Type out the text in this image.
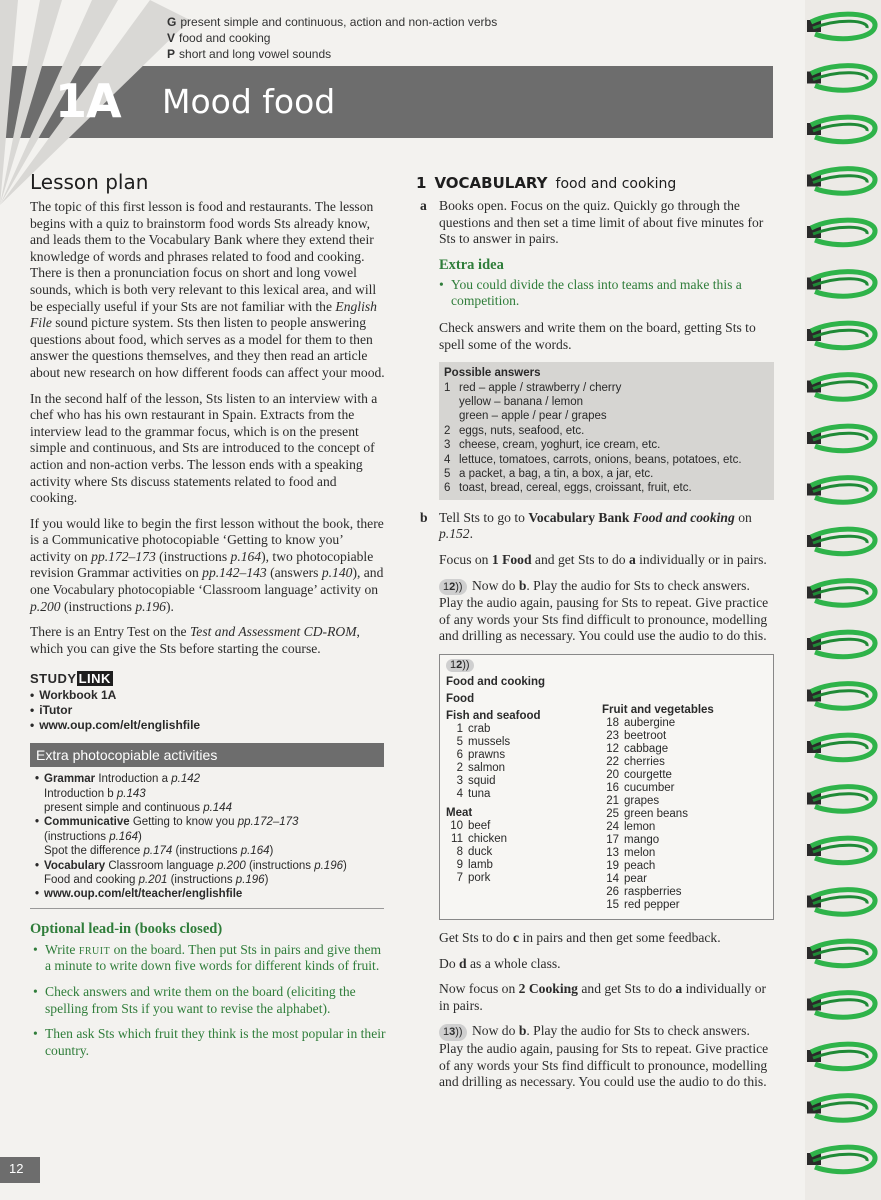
1A Mood food
G present simple and continuous, action and non-action verbs
V food and cooking
P short and long vowel sounds
Lesson plan

The topic of this first lesson is food and restaurants. The lesson begins with a quiz to brainstorm food words Sts already know, and leads them to the Vocabulary Bank where they extend their knowledge of words and phrases related to food and cooking. There is then a pronunciation focus on short and long vowel sounds, which is both very relevant to this lexical area, and will be especially useful if your Sts are not familiar with the English File sound picture system. Sts then listen to people answering questions about food, which serves as a model for them to then answer the questions themselves, and they then read an article about new research on how different foods can affect your mood.

In the second half of the lesson, Sts listen to an interview with a chef who has his own restaurant in Spain. Extracts from the interview lead to the grammar focus, which is on the present simple and continuous, and Sts are introduced to the concept of action and non-action verbs. The lesson ends with a speaking activity where Sts discuss statements related to food and cooking.

If you would like to begin the first lesson without the book, there is a Communicative photocopiable ‘Getting to know you’ activity on pp.172–173 (instructions p.164), two photocopiable revision Grammar activities on pp.142–143 (answers p.140), and one Vocabulary photocopiable ‘Classroom language’ activity on p.200 (instructions p.196).

There is an Entry Test on the Test and Assessment CD-ROM, which you can give the Sts before starting the course.

STUDY LINK
• Workbook 1A
• iTutor
• www.oup.com/elt/englishfile
Extra photocopiable activities
• Grammar Introduction a p.142
Introduction b p.143
present simple and continuous p.144
• Communicative Getting to know you pp.172–173
(instructions p.164)
Spot the difference p.174 (instructions p.164)
• Vocabulary Classroom language p.200 (instructions p.196)
Food and cooking p.201 (instructions p.196)
• www.oup.com/elt/teacher/englishfile
Optional lead-in (books closed)
• Write fruit on the board. Then put Sts in pairs and give them a minute to write down five words for different kinds of fruit.
• Check answers and write them on the board (eliciting the spelling from Sts if you want to revise the alphabet).
• Then ask Sts which fruit they think is the most popular in their country.
1 VOCABULARY food and cooking
a Books open. Focus on the quiz. Quickly go through the questions and then set a time limit of about five minutes for Sts to answer in pairs.

Extra idea
• You could divide the class into teams and make this a competition.

Check answers and write them on the board, getting Sts to spell some of the words.

Possible answers
1 red – apple / strawberry / cherry
yellow – banana / lemon
green – apple / pear / grapes
2 eggs, nuts, seafood, etc.
3 cheese, cream, yoghurt, ice cream, etc.
4 lettuce, tomatoes, carrots, onions, beans, potatoes, etc.
5 a packet, a bag, a tin, a box, a jar, etc.
6 toast, bread, cereal, eggs, croissant, fruit, etc.
b Tell Sts to go to Vocabulary Bank Food and cooking on p.152.

Focus on 1 Food and get Sts to do a individually or in pairs.

12)) Now do b. Play the audio for Sts to check answers. Play the audio again, pausing for Sts to repeat. Give practice of any words your Sts find difficult to pronounce, modelling and drilling as necessary. You could use the audio to do this.

12))
Food and cooking
Food
Fish and seafood
1 crab
5 mussels
6 prawns
2 salmon
3 squid
4 tuna
Meat
10 beef
11 chicken
8 duck
9 lamb
7 pork
Fruit and vegetables
18 aubergine
23 beetroot
12 cabbage
22 cherries
20 courgette
16 cucumber
21 grapes
25 green beans
24 lemon
17 mango
13 melon
19 peach
14 pear
26 raspberries
15 red pepper

Get Sts to do c in pairs and then get some feedback.

Do d as a whole class.

Now focus on 2 Cooking and get Sts to do a individually or in pairs.

13)) Now do b. Play the audio for Sts to check answers. Play the audio again, pausing for Sts to repeat. Give practice of any words your Sts find difficult to pronounce, modelling and drilling as necessary. You could use the audio to do this.

12
